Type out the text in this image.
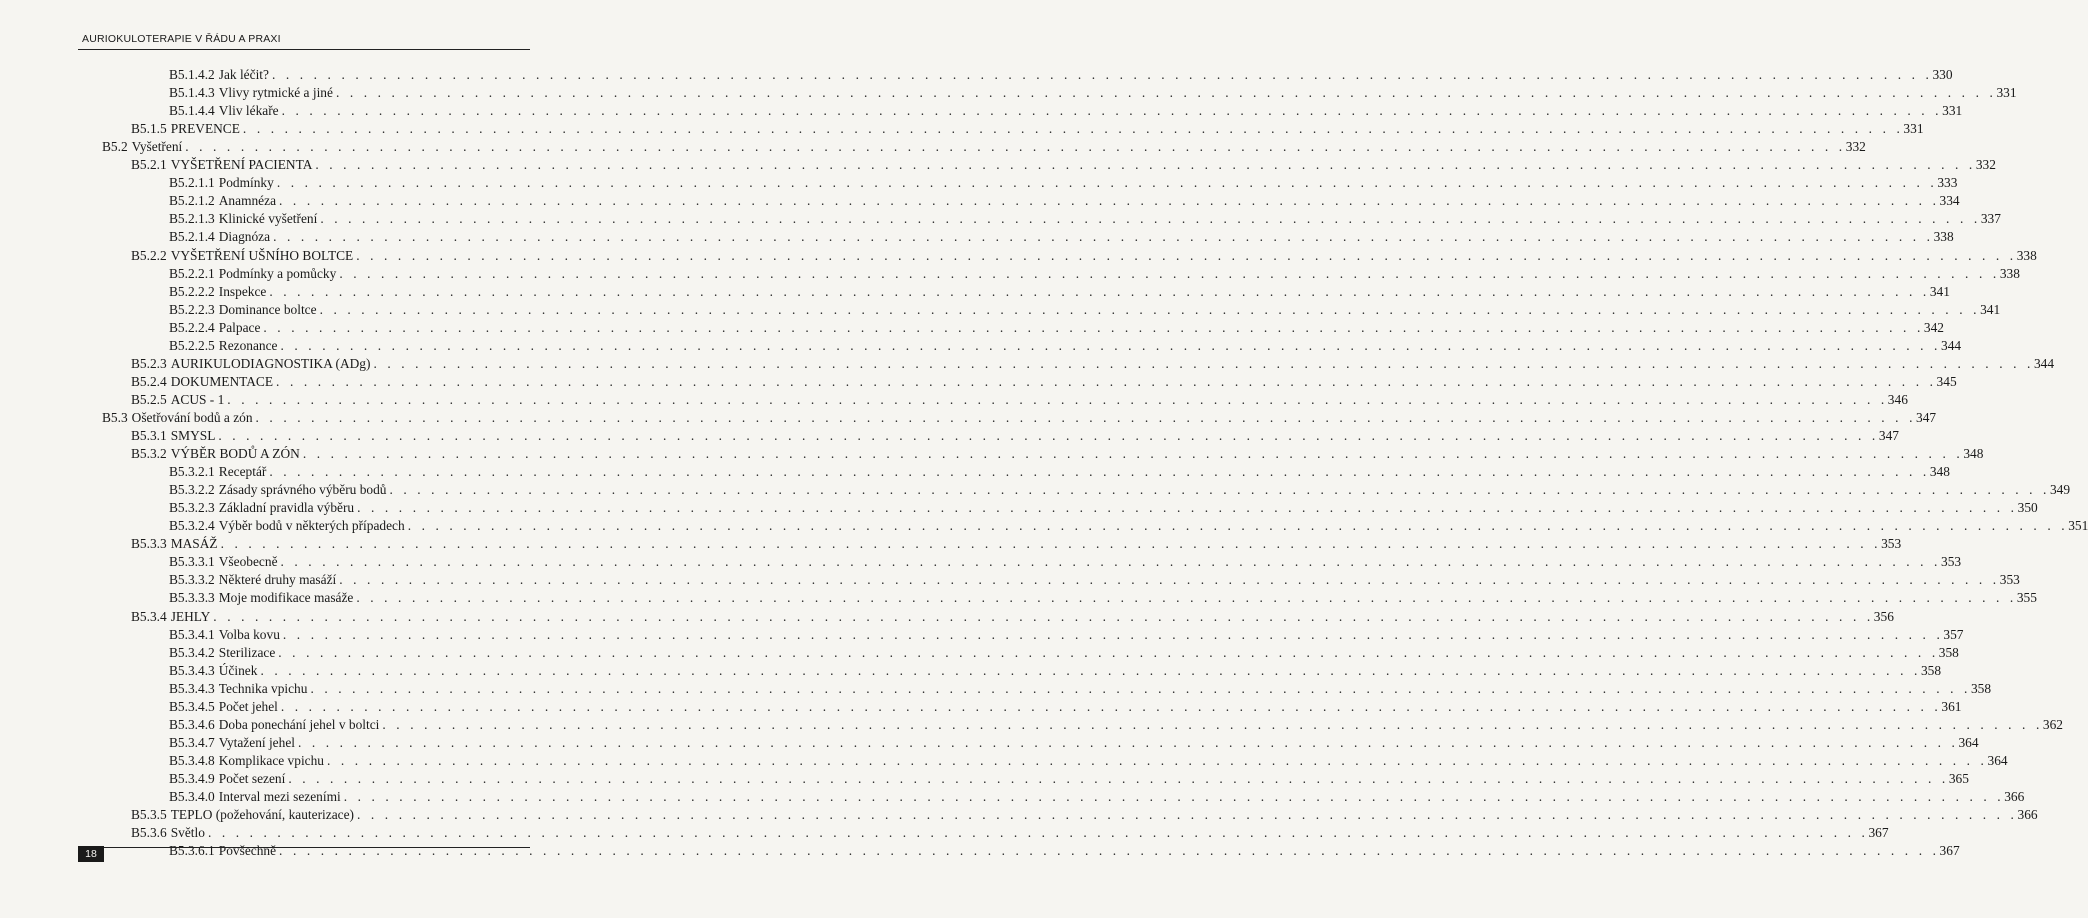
AURIOKULOTERAPIE V ŘÁDU A PRAXI
B5.1.4.2 Jak léčit? . . . . . . . . . . . . . . . . . . . . . . . . . . . . . . . . . . . . . . . . . . . . . . . . . . . . . . . . . . . . . . . . . . . . . . . . . . . . . . . . . . . . . . . . . . . . . . . . . . . . . . . . . . . . . . . . . . . . . . . . 330
B5.1.4.3 Vlivy rytmické a jiné . . . . . . . . . . . . . . . . . . . . . . . . . . . . . . . . . . . . . . . . . . . . . . . . . . . . . . . . . . . . . . . . . . . . . . . . . . . . . . . . . . . . . . . . . . . . . . . . . . . . . . . . . . . . . . . . . . . . . . . . 331
B5.1.4.4 Vliv lékaře . . . . . . . . . . . . . . . . . . . . . . . . . . . . . . . . . . . . . . . . . . . . . . . . . . . . . . . . . . . . . . . . . . . . . . . . . . . . . . . . . . . . . . . . . . . . . . . . . . . . . . . . . . . . . . . . . . . . . . . . 331
B5.1.5 PREVENCE . . . . . . . . . . . . . . . . . . . . . . . . . . . . . . . . . . . . . . . . . . . . . . . . . . . . . . . . . . . . . . . . . . . . . . . . . . . . . . . . . . . . . . . . . . . . . . . . . . . . . . . . . . . . . . . . . . . . . . . . 331
B5.2 Vyšetření . . . . . . . . . . . . . . . . . . . . . . . . . . . . . . . . . . . . . . . . . . . . . . . . . . . . . . . . . . . . . . . . . . . . . . . . . . . . . . . . . . . . . . . . . . . . . . . . . . . . . . . . . . . . . . . . . . . . . . . . 332
B5.2.1 VYŠETŘENÍ PACIENTA . . . . . . . . . . . . . . . . . . . . . . . . . . . . . . . . . . . . . . . . . . . . . . . . . . . . . . . . . . . . . . . . . . . . . . . . . . . . . . . . . . . . . . . . . . . . . . . . . . . . . . . . . . . . . . . . . . . . . . . . 332
B5.2.1.1 Podmínky . . . . . . . . . . . . . . . . . . . . . . . . . . . . . . . . . . . . . . . . . . . . . . . . . . . . . . . . . . . . . . . . . . . . . . . . . . . . . . . . . . . . . . . . . . . . . . . . . . . . . . . . . . . . . . . . . . . . . . . . 333
B5.2.1.2 Anamnéza . . . . . . . . . . . . . . . . . . . . . . . . . . . . . . . . . . . . . . . . . . . . . . . . . . . . . . . . . . . . . . . . . . . . . . . . . . . . . . . . . . . . . . . . . . . . . . . . . . . . . . . . . . . . . . . . . . . . . . . . 334
B5.2.1.3 Klinické vyšetření . . . . . . . . . . . . . . . . . . . . . . . . . . . . . . . . . . . . . . . . . . . . . . . . . . . . . . . . . . . . . . . . . . . . . . . . . . . . . . . . . . . . . . . . . . . . . . . . . . . . . . . . . . . . . . . . . . . . . . . . 337
B5.2.1.4 Diagnóza . . . . . . . . . . . . . . . . . . . . . . . . . . . . . . . . . . . . . . . . . . . . . . . . . . . . . . . . . . . . . . . . . . . . . . . . . . . . . . . . . . . . . . . . . . . . . . . . . . . . . . . . . . . . . . . . . . . . . . . . 338
B5.2.2 VYŠETŘENÍ UŠNÍHO BOLTCE . . . . . . . . . . . . . . . . . . . . . . . . . . . . . . . . . . . . . . . . . . . . . . . . . . . . . . . . . . . . . . . . . . . . . . . . . . . . . . . . . . . . . . . . . . . . . . . . . . . . . . . . . . . . . . . . . . . . . . . . 338
B5.2.2.1 Podmínky a pomůcky . . . . . . . . . . . . . . . . . . . . . . . . . . . . . . . . . . . . . . . . . . . . . . . . . . . . . . . . . . . . . . . . . . . . . . . . . . . . . . . . . . . . . . . . . . . . . . . . . . . . . . . . . . . . . . . . . . . . . . . . 338
B5.2.2.2 Inspekce . . . . . . . . . . . . . . . . . . . . . . . . . . . . . . . . . . . . . . . . . . . . . . . . . . . . . . . . . . . . . . . . . . . . . . . . . . . . . . . . . . . . . . . . . . . . . . . . . . . . . . . . . . . . . . . . . . . . . . . . 341
B5.2.2.3 Dominance boltce . . . . . . . . . . . . . . . . . . . . . . . . . . . . . . . . . . . . . . . . . . . . . . . . . . . . . . . . . . . . . . . . . . . . . . . . . . . . . . . . . . . . . . . . . . . . . . . . . . . . . . . . . . . . . . . . . . . . . . . . 341
B5.2.2.4 Palpace . . . . . . . . . . . . . . . . . . . . . . . . . . . . . . . . . . . . . . . . . . . . . . . . . . . . . . . . . . . . . . . . . . . . . . . . . . . . . . . . . . . . . . . . . . . . . . . . . . . . . . . . . . . . . . . . . . . . . . . . 342
B5.2.2.5 Rezonance . . . . . . . . . . . . . . . . . . . . . . . . . . . . . . . . . . . . . . . . . . . . . . . . . . . . . . . . . . . . . . . . . . . . . . . . . . . . . . . . . . . . . . . . . . . . . . . . . . . . . . . . . . . . . . . . . . . . . . . . 344
B5.2.3 AURIKULODIAGNOSTIKA (ADg) . . . . . . . . . . . . . . . . . . . . . . . . . . . . . . . . . . . . . . . . . . . . . . . . . . . . . . . . . . . . . . . . . . . . . . . . . . . . . . . . . . . . . . . . . . . . . . . . . . . . . . . . . . . . . . . . . . . . . . . . 344
B5.2.4 DOKUMENTACE . . . . . . . . . . . . . . . . . . . . . . . . . . . . . . . . . . . . . . . . . . . . . . . . . . . . . . . . . . . . . . . . . . . . . . . . . . . . . . . . . . . . . . . . . . . . . . . . . . . . . . . . . . . . . . . . . . . . . . . . 345
B5.2.5 ACUS - 1 . . . . . . . . . . . . . . . . . . . . . . . . . . . . . . . . . . . . . . . . . . . . . . . . . . . . . . . . . . . . . . . . . . . . . . . . . . . . . . . . . . . . . . . . . . . . . . . . . . . . . . . . . . . . . . . . . . . . . . . . 346
B5.3 Ošetřování bodů a zón . . . . . . . . . . . . . . . . . . . . . . . . . . . . . . . . . . . . . . . . . . . . . . . . . . . . . . . . . . . . . . . . . . . . . . . . . . . . . . . . . . . . . . . . . . . . . . . . . . . . . . . . . . . . . . . . . . . . . . . . 347
B5.3.1 SMYSL . . . . . . . . . . . . . . . . . . . . . . . . . . . . . . . . . . . . . . . . . . . . . . . . . . . . . . . . . . . . . . . . . . . . . . . . . . . . . . . . . . . . . . . . . . . . . . . . . . . . . . . . . . . . . . . . . . . . . . . . 347
B5.3.2 VÝBĚR BODŮ A ZÓN . . . . . . . . . . . . . . . . . . . . . . . . . . . . . . . . . . . . . . . . . . . . . . . . . . . . . . . . . . . . . . . . . . . . . . . . . . . . . . . . . . . . . . . . . . . . . . . . . . . . . . . . . . . . . . . . . . . . . . . . 348
B5.3.2.1 Receptář . . . . . . . . . . . . . . . . . . . . . . . . . . . . . . . . . . . . . . . . . . . . . . . . . . . . . . . . . . . . . . . . . . . . . . . . . . . . . . . . . . . . . . . . . . . . . . . . . . . . . . . . . . . . . . . . . . . . . . . . 348
B5.3.2.2 Zásady správného výběru bodů . . . . . . . . . . . . . . . . . . . . . . . . . . . . . . . . . . . . . . . . . . . . . . . . . . . . . . . . . . . . . . . . . . . . . . . . . . . . . . . . . . . . . . . . . . . . . . . . . . . . . . . . . . . . . . . . . . . . . . . . 349
B5.3.2.3 Základní pravidla výběru . . . . . . . . . . . . . . . . . . . . . . . . . . . . . . . . . . . . . . . . . . . . . . . . . . . . . . . . . . . . . . . . . . . . . . . . . . . . . . . . . . . . . . . . . . . . . . . . . . . . . . . . . . . . . . . . . . . . . . . . 350
B5.3.2.4 Výběr bodů v některých případech . . . . . . . . . . . . . . . . . . . . . . . . . . . . . . . . . . . . . . . . . . . . . . . . . . . . . . . . . . . . . . . . . . . . . . . . . . . . . . . . . . . . . . . . . . . . . . . . . . . . . . . . . . . . . . . . . . . . . . . . 351
B5.3.3 MASÁŽ . . . . . . . . . . . . . . . . . . . . . . . . . . . . . . . . . . . . . . . . . . . . . . . . . . . . . . . . . . . . . . . . . . . . . . . . . . . . . . . . . . . . . . . . . . . . . . . . . . . . . . . . . . . . . . . . . . . . . . . . 353
B5.3.3.1 Všeobecně . . . . . . . . . . . . . . . . . . . . . . . . . . . . . . . . . . . . . . . . . . . . . . . . . . . . . . . . . . . . . . . . . . . . . . . . . . . . . . . . . . . . . . . . . . . . . . . . . . . . . . . . . . . . . . . . . . . . . . . . 353
B5.3.3.2 Některé druhy masáží . . . . . . . . . . . . . . . . . . . . . . . . . . . . . . . . . . . . . . . . . . . . . . . . . . . . . . . . . . . . . . . . . . . . . . . . . . . . . . . . . . . . . . . . . . . . . . . . . . . . . . . . . . . . . . . . . . . . . . . . 353
B5.3.3.3 Moje modifikace masáže . . . . . . . . . . . . . . . . . . . . . . . . . . . . . . . . . . . . . . . . . . . . . . . . . . . . . . . . . . . . . . . . . . . . . . . . . . . . . . . . . . . . . . . . . . . . . . . . . . . . . . . . . . . . . . . . . . . . . . . . 355
B5.3.4 JEHLY . . . . . . . . . . . . . . . . . . . . . . . . . . . . . . . . . . . . . . . . . . . . . . . . . . . . . . . . . . . . . . . . . . . . . . . . . . . . . . . . . . . . . . . . . . . . . . . . . . . . . . . . . . . . . . . . . . . . . . . . 356
B5.3.4.1 Volba kovu . . . . . . . . . . . . . . . . . . . . . . . . . . . . . . . . . . . . . . . . . . . . . . . . . . . . . . . . . . . . . . . . . . . . . . . . . . . . . . . . . . . . . . . . . . . . . . . . . . . . . . . . . . . . . . . . . . . . . . . . 357
B5.3.4.2 Sterilizace . . . . . . . . . . . . . . . . . . . . . . . . . . . . . . . . . . . . . . . . . . . . . . . . . . . . . . . . . . . . . . . . . . . . . . . . . . . . . . . . . . . . . . . . . . . . . . . . . . . . . . . . . . . . . . . . . . . . . . . . 358
B5.3.4.3 Účinek . . . . . . . . . . . . . . . . . . . . . . . . . . . . . . . . . . . . . . . . . . . . . . . . . . . . . . . . . . . . . . . . . . . . . . . . . . . . . . . . . . . . . . . . . . . . . . . . . . . . . . . . . . . . . . . . . . . . . . . . 358
B5.3.4.3 Technika vpichu . . . . . . . . . . . . . . . . . . . . . . . . . . . . . . . . . . . . . . . . . . . . . . . . . . . . . . . . . . . . . . . . . . . . . . . . . . . . . . . . . . . . . . . . . . . . . . . . . . . . . . . . . . . . . . . . . . . . . . . . 358
B5.3.4.5 Počet jehel . . . . . . . . . . . . . . . . . . . . . . . . . . . . . . . . . . . . . . . . . . . . . . . . . . . . . . . . . . . . . . . . . . . . . . . . . . . . . . . . . . . . . . . . . . . . . . . . . . . . . . . . . . . . . . . . . . . . . . . . 361
B5.3.4.6 Doba ponechání jehel v boltci . . . . . . . . . . . . . . . . . . . . . . . . . . . . . . . . . . . . . . . . . . . . . . . . . . . . . . . . . . . . . . . . . . . . . . . . . . . . . . . . . . . . . . . . . . . . . . . . . . . . . . . . . . . . . . . . . . . . . . . . 362
B5.3.4.7 Vytažení jehel . . . . . . . . . . . . . . . . . . . . . . . . . . . . . . . . . . . . . . . . . . . . . . . . . . . . . . . . . . . . . . . . . . . . . . . . . . . . . . . . . . . . . . . . . . . . . . . . . . . . . . . . . . . . . . . . . . . . . . . . 364
B5.3.4.8 Komplikace vpichu . . . . . . . . . . . . . . . . . . . . . . . . . . . . . . . . . . . . . . . . . . . . . . . . . . . . . . . . . . . . . . . . . . . . . . . . . . . . . . . . . . . . . . . . . . . . . . . . . . . . . . . . . . . . . . . . . . . . . . . . 364
B5.3.4.9 Počet sezení . . . . . . . . . . . . . . . . . . . . . . . . . . . . . . . . . . . . . . . . . . . . . . . . . . . . . . . . . . . . . . . . . . . . . . . . . . . . . . . . . . . . . . . . . . . . . . . . . . . . . . . . . . . . . . . . . . . . . . . . 365
B5.3.4.0 Interval mezi sezeními . . . . . . . . . . . . . . . . . . . . . . . . . . . . . . . . . . . . . . . . . . . . . . . . . . . . . . . . . . . . . . . . . . . . . . . . . . . . . . . . . . . . . . . . . . . . . . . . . . . . . . . . . . . . . . . . . . . . . . . . 366
B5.3.5 TEPLO (požehování, kauterizace) . . . . . . . . . . . . . . . . . . . . . . . . . . . . . . . . . . . . . . . . . . . . . . . . . . . . . . . . . . . . . . . . . . . . . . . . . . . . . . . . . . . . . . . . . . . . . . . . . . . . . . . . . . . . . . . . . . . . . . . . 366
B5.3.6 Světlo . . . . . . . . . . . . . . . . . . . . . . . . . . . . . . . . . . . . . . . . . . . . . . . . . . . . . . . . . . . . . . . . . . . . . . . . . . . . . . . . . . . . . . . . . . . . . . . . . . . . . . . . . . . . . . . . . . . . . . . . 367
B5.3.6.1 Povšechně . . . . . . . . . . . . . . . . . . . . . . . . . . . . . . . . . . . . . . . . . . . . . . . . . . . . . . . . . . . . . . . . . . . . . . . . . . . . . . . . . . . . . . . . . . . . . . . . . . . . . . . . . . . . . . . . . . . . . . . . 367
18
